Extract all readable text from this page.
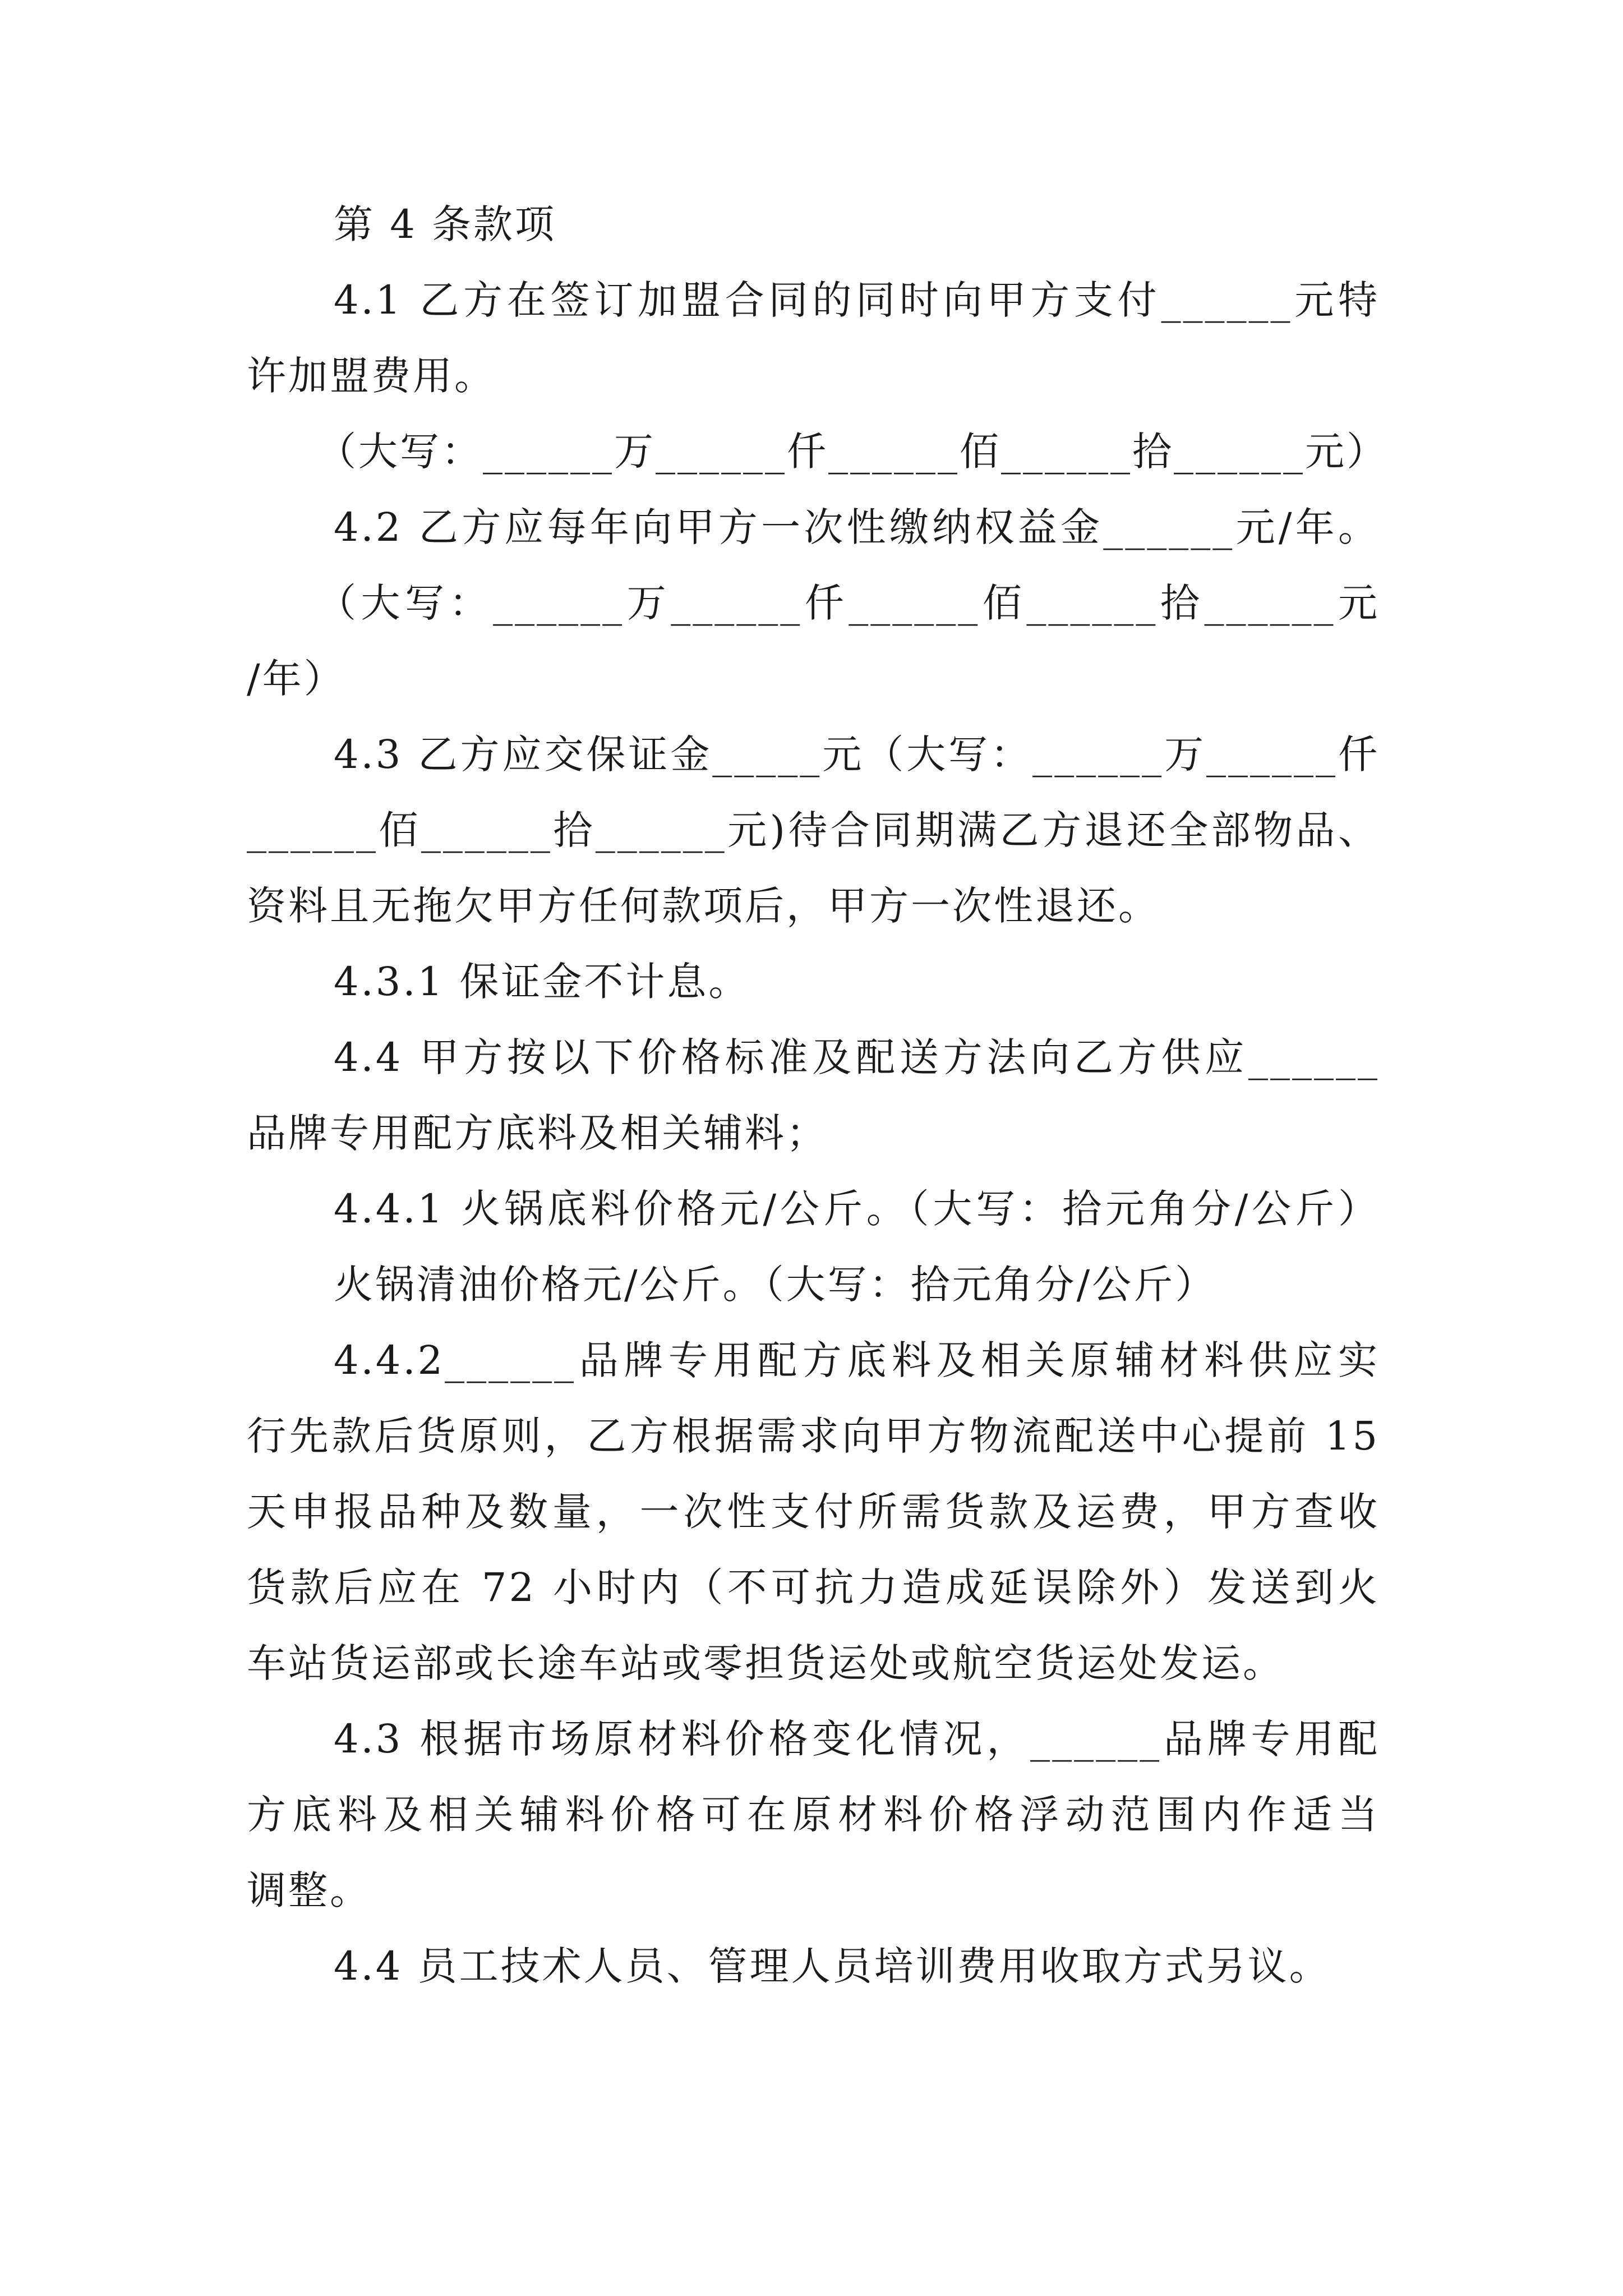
第 4 条款项
4.1 乙方在签订加盟合同的同时向甲方支付______元特
许加盟费用。
（大写：______万______仟______佰______拾______元）
4.2 乙方应每年向甲方一次性缴纳权益金______元/年。
（大写：______万______仟______佰______拾______元
/年）
4.3 乙方应交保证金_____元（大写：______万______仟
______佰______拾______元)待合同期满乙方退还全部物品、
资料且无拖欠甲方任何款项后，甲方一次性退还。
4.3.1 保证金不计息。
4.4 甲方按以下价格标准及配送方法向乙方供应______
品牌专用配方底料及相关辅料；
4.4.1 火锅底料价格元/公斤。（大写：拾元角分/公斤）
火锅清油价格元/公斤。（大写：拾元角分/公斤）
4.4.2______品牌专用配方底料及相关原辅材料供应实
行先款后货原则，乙方根据需求向甲方物流配送中心提前 15
天申报品种及数量，一次性支付所需货款及运费，甲方查收
货款后应在 72 小时内（不可抗力造成延误除外）发送到火
车站货运部或长途车站或零担货运处或航空货运处发运。
4.3 根据市场原材料价格变化情况，______品牌专用配
方底料及相关辅料价格可在原材料价格浮动范围内作适当
调整。
4.4 员工技术人员、管理人员培训费用收取方式另议。
